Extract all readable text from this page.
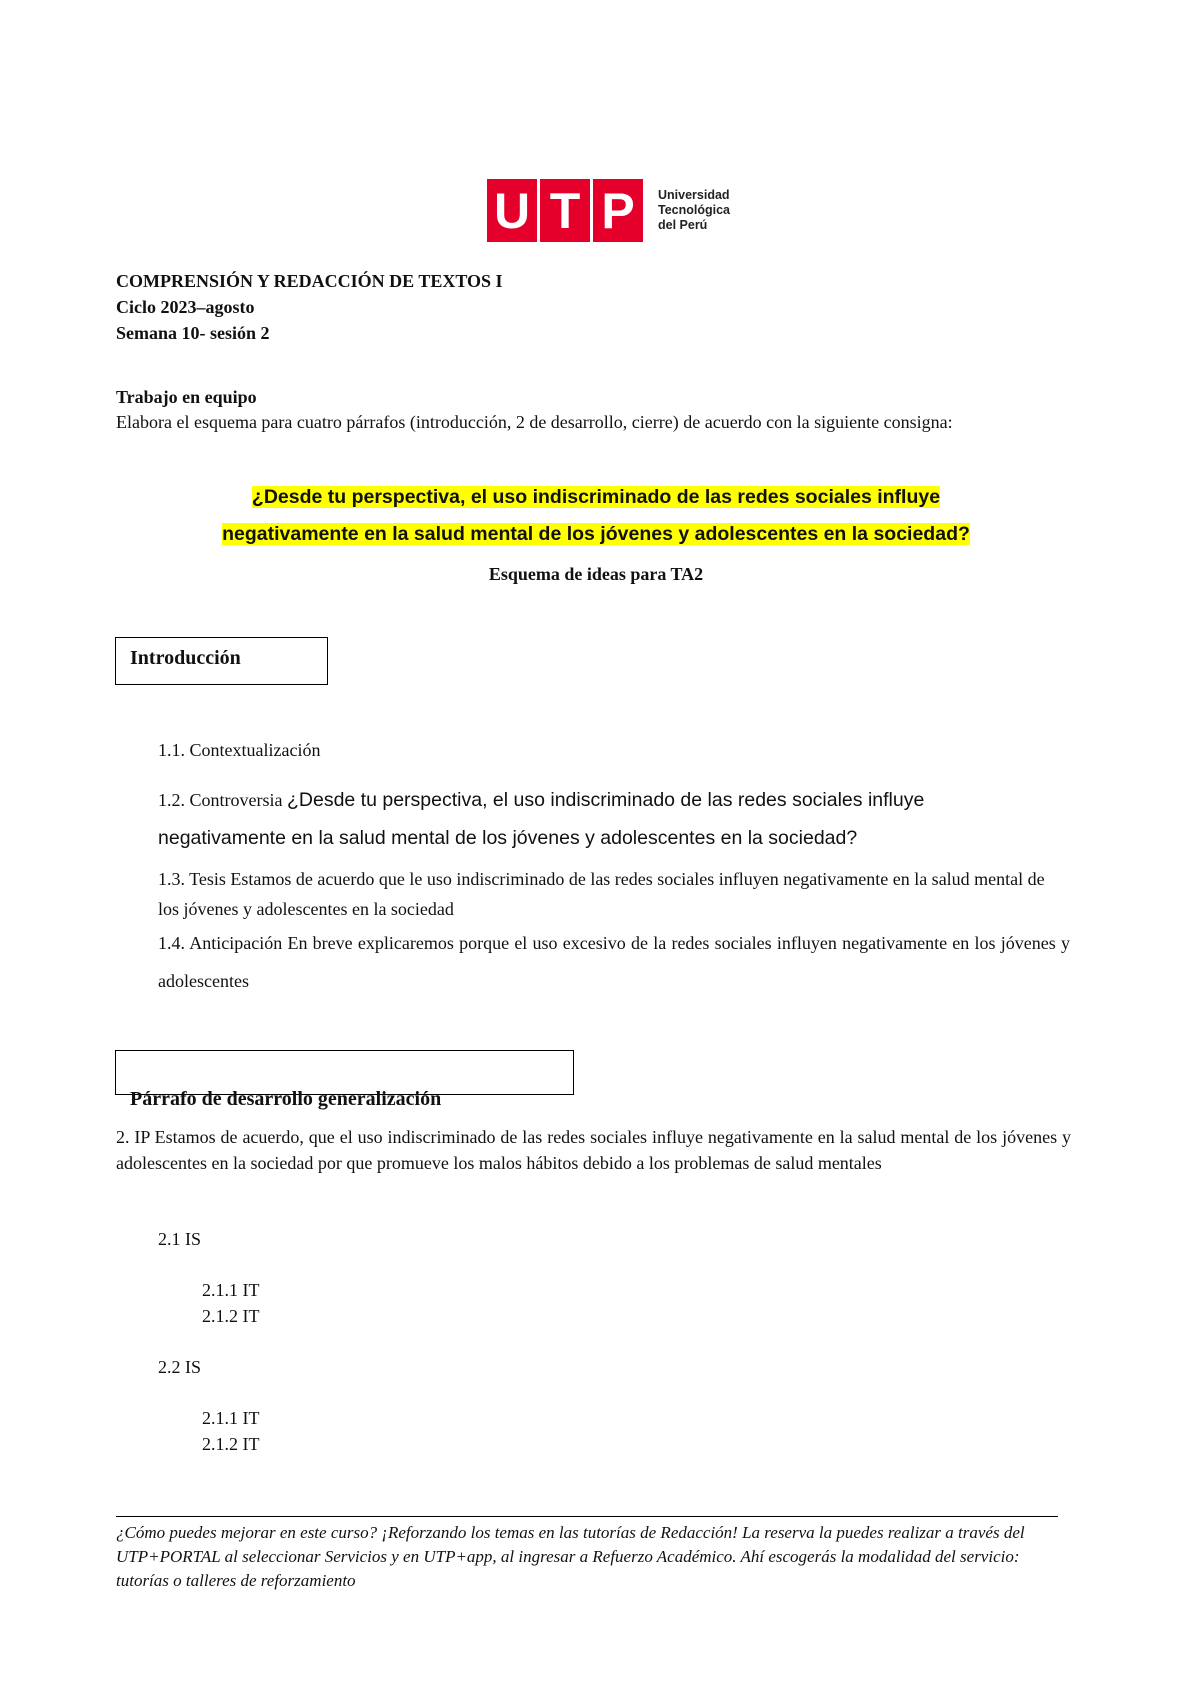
U T P	Universidad
Tecnológica
del Perú
COMPRENSIÓN Y REDACCIÓN DE TEXTOS I
Ciclo 2023–agosto
Semana 10- sesión 2
Trabajo en equipo
Elabora el esquema para cuatro párrafos (introducción, 2 de desarrollo, cierre) de acuerdo con la siguiente consigna:
¿Desde tu perspectiva, el uso indiscriminado de las redes sociales influye
negativamente en la salud mental de los jóvenes y adolescentes en la sociedad?
Esquema de ideas para TA2
Introducción
1.1. Contextualización
1.2. Controversia ¿Desde tu perspectiva, el uso indiscriminado de las redes sociales influye
negativamente en la salud mental de los jóvenes y adolescentes en la sociedad?
1.3. Tesis Estamos de acuerdo que le uso indiscriminado de las redes sociales influyen negativamente en la salud mental de los jóvenes y adolescentes en la sociedad
1.4. Anticipación En breve explicaremos porque el uso excesivo de la redes sociales influyen negativamente en los jóvenes y adolescentes
Párrafo de desarrollo generalización
2. IP Estamos de acuerdo, que el uso indiscriminado de las redes sociales influye negativamente en la salud mental de los jóvenes y adolescentes en la sociedad por que promueve los malos hábitos debido a los problemas de salud mentales
2.1 IS
2.1.1 IT
2.1.2 IT
2.2 IS
2.1.1 IT
2.1.2 IT
¿Cómo puedes mejorar en este curso? ¡Reforzando los temas en las tutorías de Redacción! La reserva la puedes realizar a través del UTP+PORTAL al seleccionar Servicios y en UTP+app, al ingresar a Refuerzo Académico. Ahí escogerás la modalidad del servicio: tutorías o talleres de reforzamiento
